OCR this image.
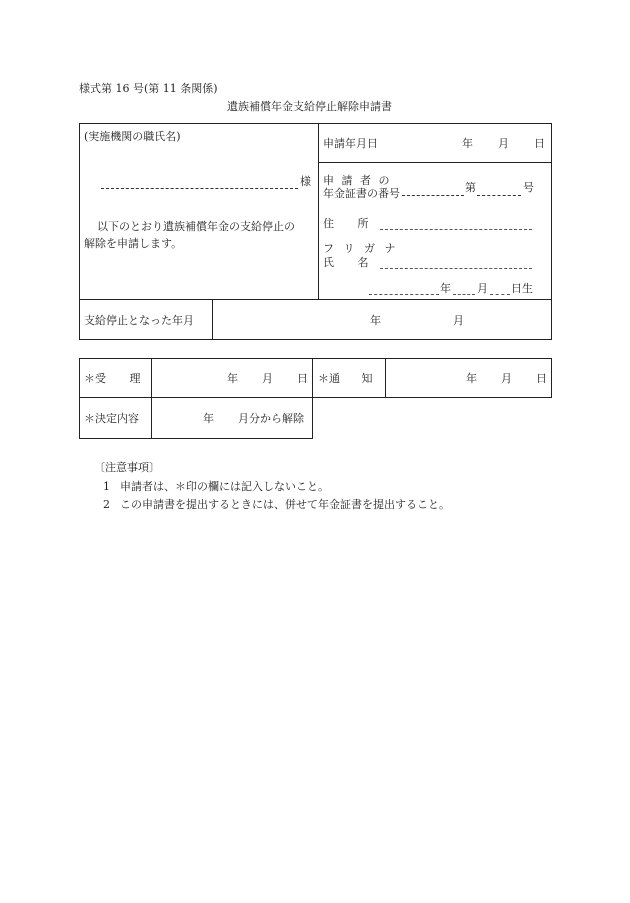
様式第 16 号(第 11 条関係)
遺族補償年金支給停止解除申請書
(実施機関の職氏名)
様
以下のとおり遺族補償年金の支給停止の
解除を申請します。
申請年月日	年 月 日
申 請 者 の
年金証書の番号	第	号
住 所
フ リ ガ ナ
氏 名
年 月 日生
支給停止となった年月	年	月
＊受 理	年 月 日 ＊通 知	年 月 日
＊決定内容	年 月分から解除
〔注意事項〕
1 申請者は、＊印の欄には記入しないこと。
2 この申請書を提出するときには、併せて年金証書を提出すること。
